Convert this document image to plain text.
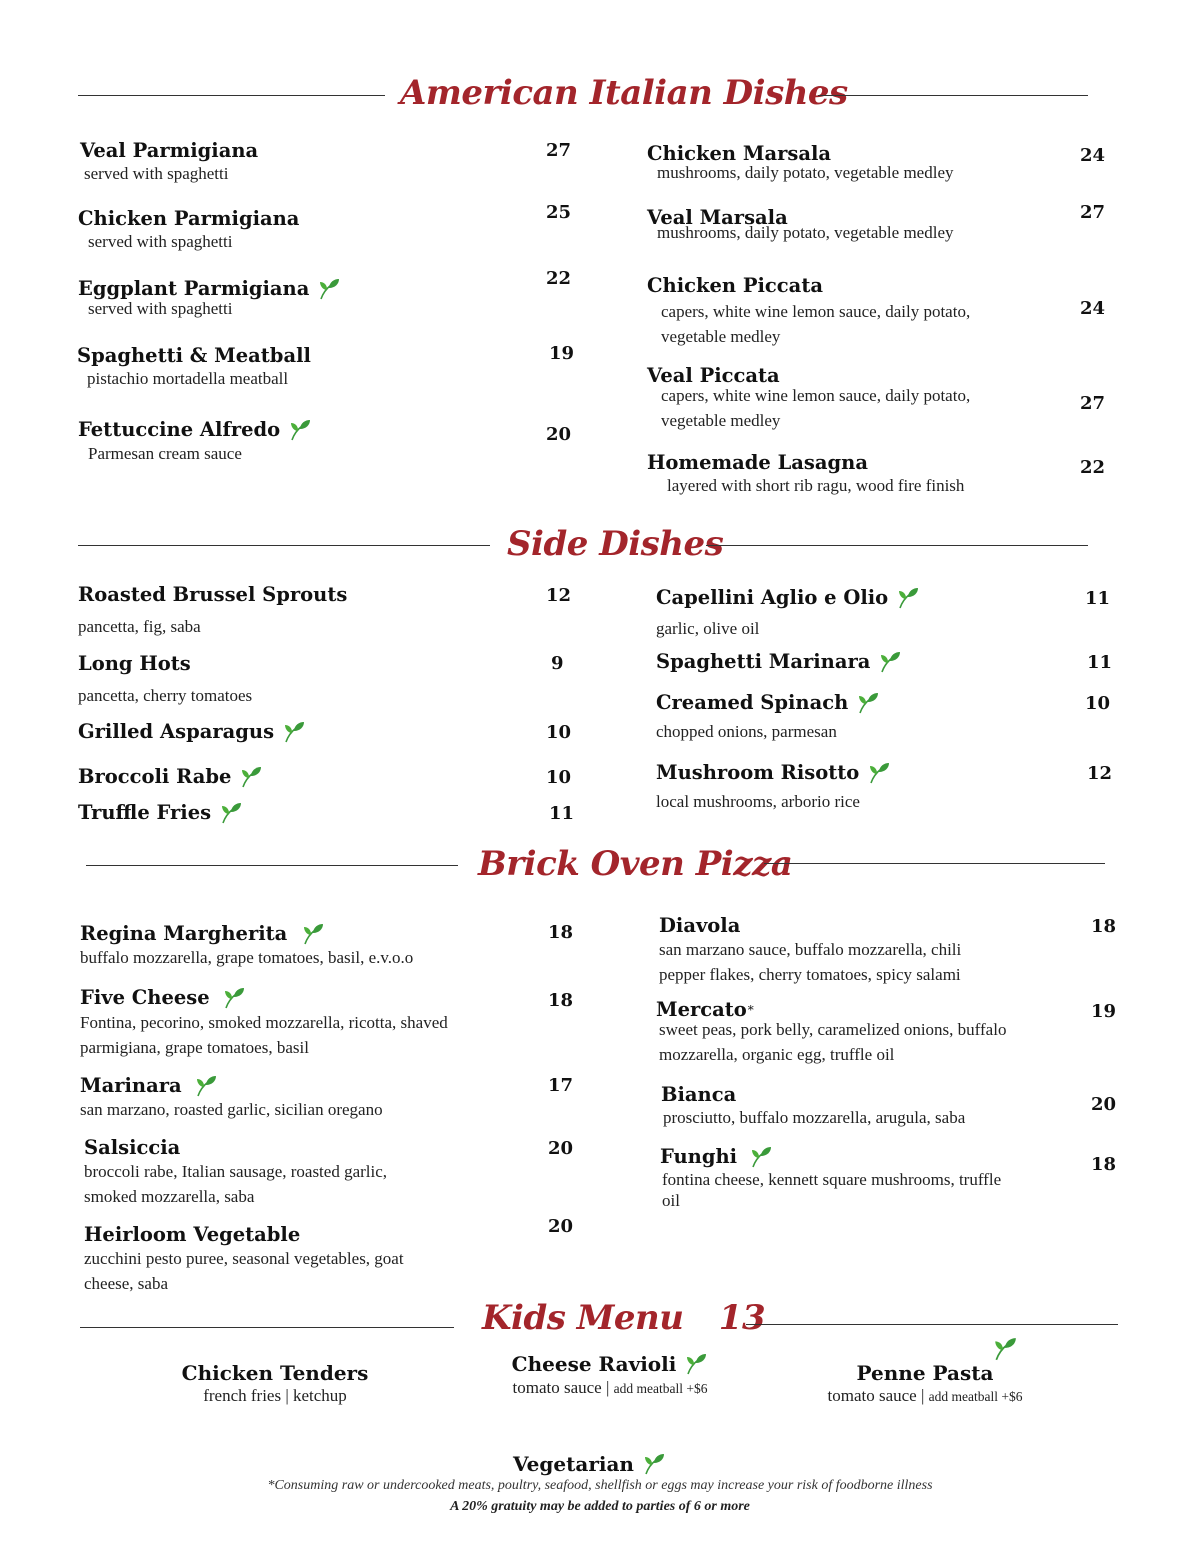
American Italian Dishes
Veal Parmigiana
served with spaghetti
27
Chicken Parmigiana
served with spaghetti
25
Eggplant Parmigiana
served with spaghetti
22
Spaghetti & Meatball
pistachio mortadella meatball
19
Fettuccine Alfredo
Parmesan cream sauce
20
Chicken Marsala
mushrooms, daily potato, vegetable medley
24
Veal Marsala
mushrooms, daily potato, vegetable medley
27
Chicken Piccata
capers, white wine lemon sauce, daily potato, vegetable medley
24
Veal Piccata
capers, white wine lemon sauce, daily potato, vegetable medley
27
Homemade Lasagna
layered with short rib ragu, wood fire finish
22
Side Dishes
Roasted Brussel Sprouts
pancetta, fig, saba
12
Long Hots
pancetta, cherry tomatoes
9
Grilled Asparagus	10
Broccoli Rabe	10
Truffle Fries	11
Capellini Aglio e Olio
garlic, olive oil
11
Spaghetti Marinara	11
Creamed Spinach
chopped onions, parmesan
10
Mushroom Risotto
local mushrooms, arborio rice
12
Brick Oven Pizza
Regina Margherita
buffalo mozzarella, grape tomatoes, basil, e.v.o.o
18
Five Cheese
Fontina, pecorino, smoked mozzarella, ricotta, shaved parmigiana, grape tomatoes, basil
18
Marinara
san marzano, roasted garlic, sicilian oregano
17
Salsiccia
broccoli rabe, Italian sausage, roasted garlic, smoked mozzarella, saba
20
Heirloom Vegetable
zucchini pesto puree, seasonal vegetables, goat cheese, saba
20
Diavola
san marzano sauce, buffalo mozzarella, chili pepper flakes, cherry tomatoes, spicy salami
18
Mercato *
sweet peas, pork belly, caramelized onions, buffalo mozzarella, organic egg, truffle oil
19
Bianca
prosciutto, buffalo mozzarella, arugula, saba
20
Funghi
fontina cheese, kennett square mushrooms, truffle oil
18
Kids Menu 13
Chicken Tenders
french fries | ketchup
Cheese Ravioli
tomato sauce | add meatball +$6
Penne Pasta
tomato sauce | add meatball +$6
Vegetarian
*Consuming raw or undercooked meats, poultry, seafood, shellfish or eggs may increase your risk of foodborne illness
A 20% gratuity may be added to parties of 6 or more
